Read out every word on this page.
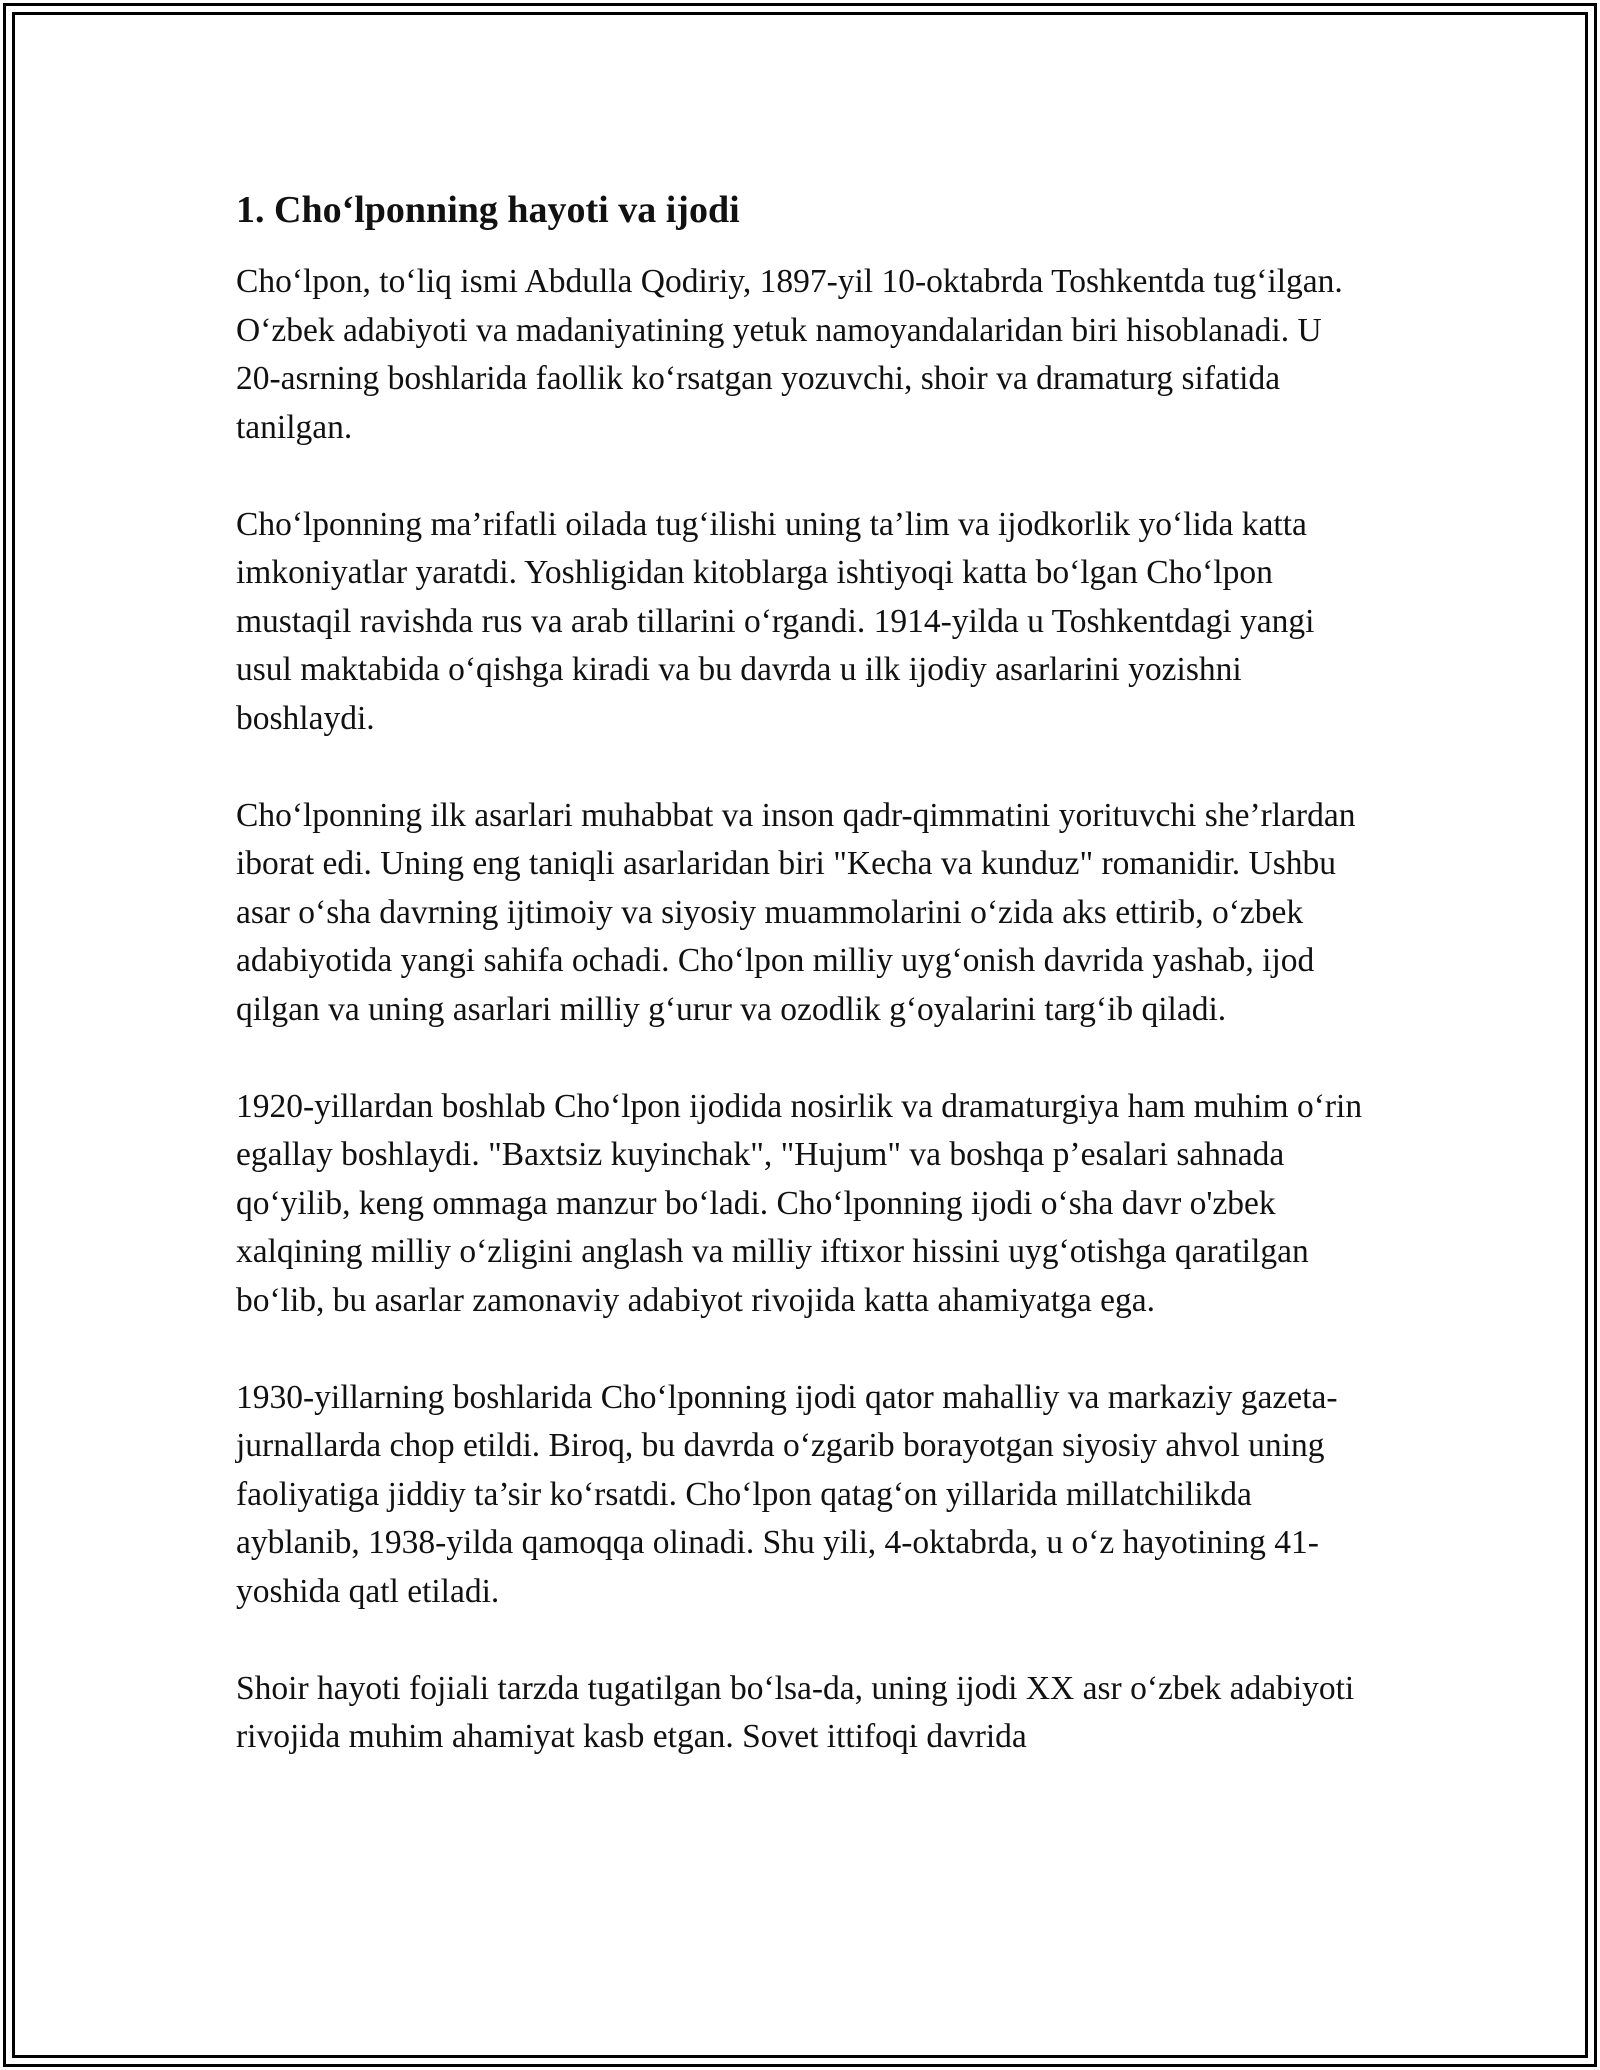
1. Cho‘lponning hayoti va ijodi

Cho‘lpon, to‘liq ismi Abdulla Qodiriy, 1897-yil 10-oktabrda Toshkentda tug‘ilgan. O‘zbek adabiyoti va madaniyatining yetuk namoyandalaridan biri hisoblanadi. U 20-asrning boshlarida faollik ko‘rsatgan yozuvchi, shoir va dramaturg sifatida tanilgan.

Cho‘lponning ma’rifatli oilada tug‘ilishi uning ta’lim va ijodkorlik yo‘lida katta imkoniyatlar yaratdi. Yoshligidan kitoblarga ishtiyoqi katta bo‘lgan Cho‘lpon mustaqil ravishda rus va arab tillarini o‘rgandi. 1914-yilda u Toshkentdagi yangi usul maktabida o‘qishga kiradi va bu davrda u ilk ijodiy asarlarini yozishni boshlaydi.

Cho‘lponning ilk asarlari muhabbat va inson qadr-qimmatini yorituvchi she’rlardan iborat edi. Uning eng taniqli asarlaridan biri "Kecha va kunduz" romanidir. Ushbu asar o‘sha davrning ijtimoiy va siyosiy muammolarini o‘zida aks ettirib, o‘zbek adabiyotida yangi sahifa ochadi. Cho‘lpon milliy uyg‘onish davrida yashab, ijod qilgan va uning asarlari milliy g‘urur va ozodlik g‘oyalarini targ‘ib qiladi.

1920-yillardan boshlab Cho‘lpon ijodida nosirlik va dramaturgiya ham muhim o‘rin egallay boshlaydi. "Baxtsiz kuyinchak", "Hujum" va boshqa p’esalari sahnada qo‘yilib, keng ommaga manzur bo‘ladi. Cho‘lponning ijodi o‘sha davr o'zbek xalqining milliy o‘zligini anglash va milliy iftixor hissini uyg‘otishga qaratilgan bo‘lib, bu asarlar zamonaviy adabiyot rivojida katta ahamiyatga ega.

1930-yillarning boshlarida Cho‘lponning ijodi qator mahalliy va markaziy gazeta-jurnallarda chop etildi. Biroq, bu davrda o‘zgarib borayotgan siyosiy ahvol uning faoliyatiga jiddiy ta’sir ko‘rsatdi. Cho‘lpon qatag‘on yillarida millatchilikda ayblanib, 1938-yilda qamoqqa olinadi. Shu yili, 4-oktabrda, u o‘z hayotining 41-yoshida qatl etiladi.

Shoir hayoti fojiali tarzda tugatilgan bo‘lsa-da, uning ijodi XX asr o‘zbek adabiyoti rivojida muhim ahamiyat kasb etgan. Sovet ittifoqi davrida
